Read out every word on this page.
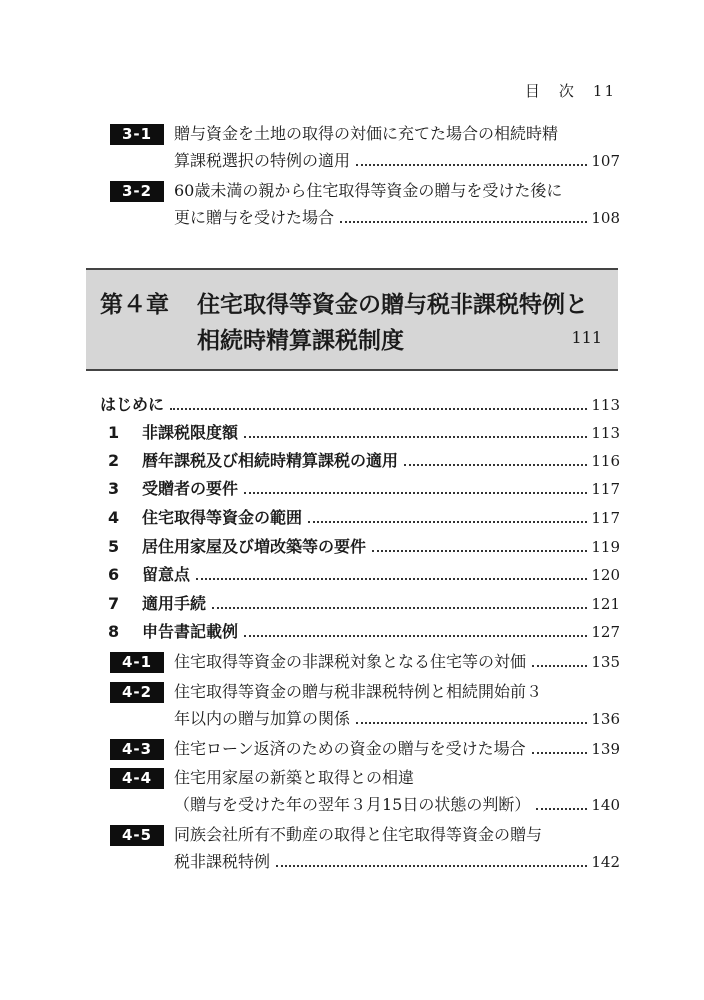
目　次　11
3-1	贈与資金を土地の取得の対価に充てた場合の相続時精
算課税選択の特例の適用	107
3-2	60歳未満の親から住宅取得等資金の贈与を受けた後に
更に贈与を受けた場合	108
第４章 住宅取得等資金の贈与税非課税特例と
相続時精算課税制度	111
はじめに	113
1	非課税限度額	113
2	暦年課税及び相続時精算課税の適用	116
3	受贈者の要件	117
4	住宅取得等資金の範囲	117
5	居住用家屋及び増改築等の要件	119
6	留意点	120
7	適用手続	121
8	申告書記載例	127
4-1	住宅取得等資金の非課税対象となる住宅等の対価	135
4-2	住宅取得等資金の贈与税非課税特例と相続開始前３
年以内の贈与加算の関係	136
4-3	住宅ローン返済のための資金の贈与を受けた場合	139
4-4	住宅用家屋の新築と取得との相違
（贈与を受けた年の翌年３月15日の状態の判断）	140
4-5	同族会社所有不動産の取得と住宅取得等資金の贈与
税非課税特例	142
